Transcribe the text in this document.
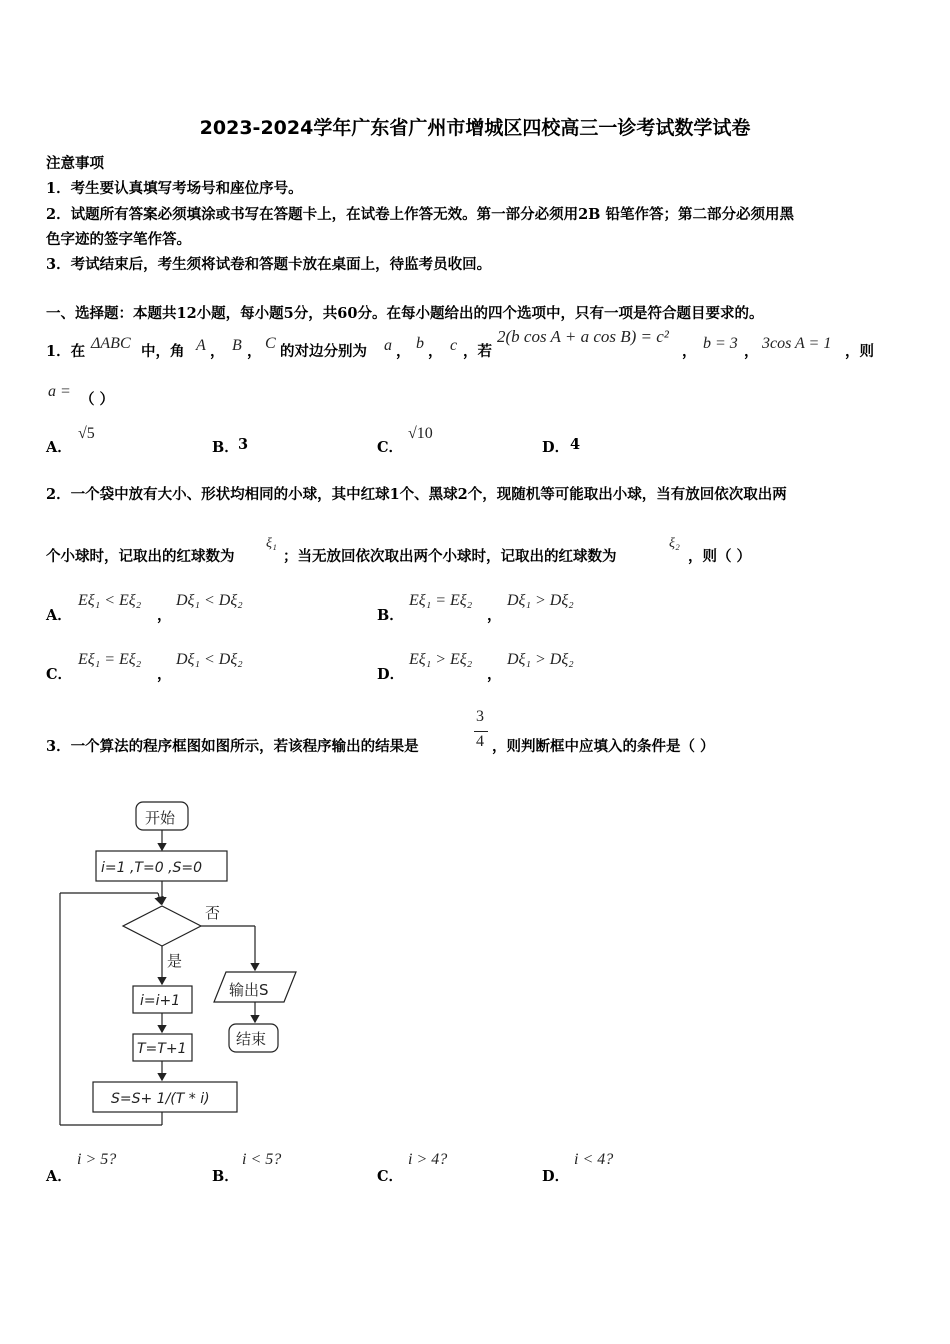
2023-2024学年广东省广州市增城区四校高三一诊考试数学试卷
注意事项
1．考生要认真填写考场号和座位序号。
2．试题所有答案必须填涂或书写在答题卡上，在试卷上作答无效。第一部分必须用2B 铅笔作答；第二部分必须用黑
色字迹的签字笔作答。
3．考试结束后，考生须将试卷和答题卡放在桌面上，待监考员收回。
一、选择题：本题共12小题，每小题5分，共60分。在每小题给出的四个选项中，只有一项是符合题目要求的。
1．在 ΔABC 中，角 A ， B ， C 的对边分别为 a ， b ， c ，若
2(b cos A + a cos B) = c²
， b = 3 ， 3cos A = 1 ，则
a = （ ）
A．
√5
B． 3	C．
√10
D． 4
2．一个袋中放有大小、形状均相同的小球，其中红球1个、黑球2个，现随机等可能取出小球，当有放回依次取出两
个小球时，记取出的红球数为
ξ₁
；当无放回依次取出两个小球时，记取出的红球数为
ξ₂
，则（ ）
A．
Eξ₁ < Eξ₂
，
Dξ₁ < Dξ₂
B．
Eξ₁ = Eξ₂
，
Dξ₁ > Dξ₂
C．
Eξ₁ = Eξ₂
，
Dξ₁ < Dξ₂
D．
Eξ₁ > Eξ₂
，
Dξ₁ > Dξ₂
3．一个算法的程序框图如图所示，若该程序输出的结果是
3
4 ，则判断框中应填入的条件是（ ）
开始
i=1 ,T=0 ,S=0
否
是
输出S
结束
i=i+1
T=T+1
S=S+ 1/(T * i)
A．
i > 5?
B．
i < 5?
C．
i > 4?
D．
i < 4?
